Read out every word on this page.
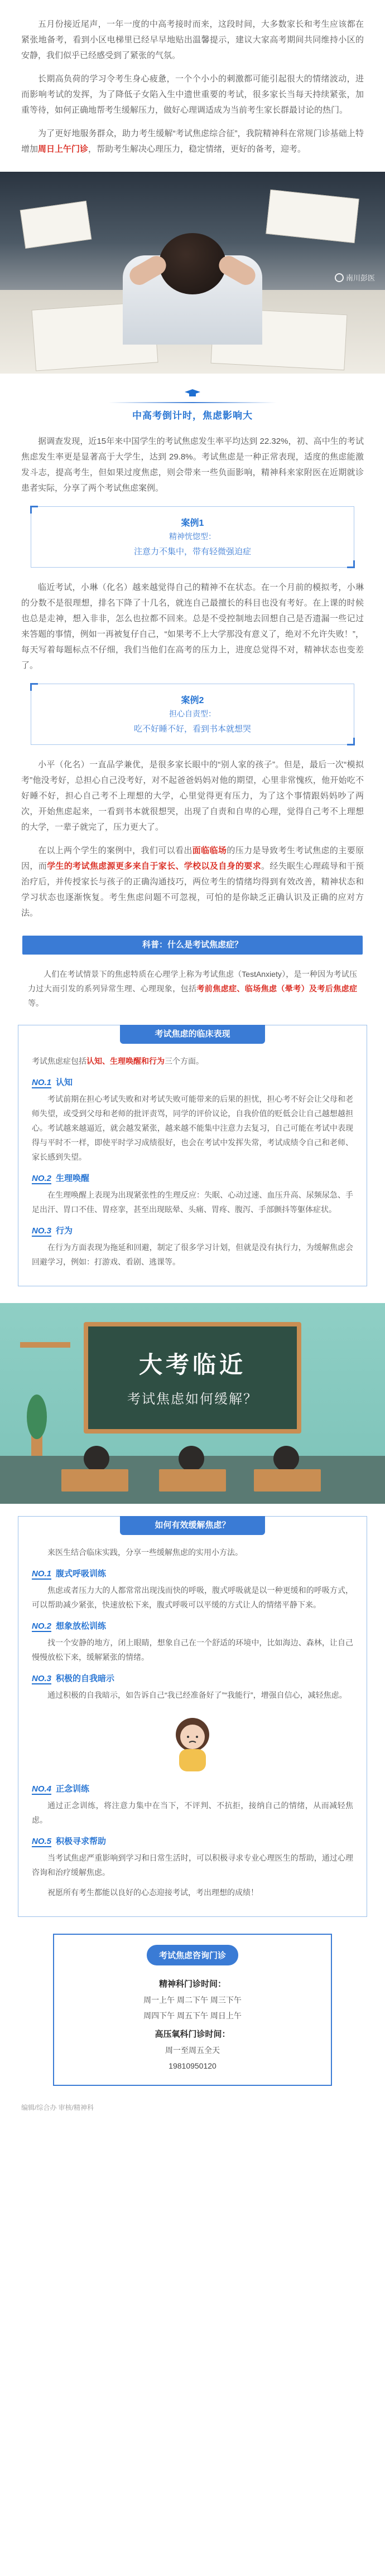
五月份接近尾声，一年一度的中高考接时而来，这段时间，大多数家长和考生应该都在紧张地备考，看到小区电梯里已经早早地贴出温馨提示，建议大家高考期间共同维持小区的安静，我们似乎已经感受到了紧张的气氛。

长期高负荷的学习令考生身心疲惫，一个个小小的刺激都可能引起很大的情绪波动，进而影响考试的发挥，为了降低子女陷入生中遗世重要的考试，很多家长当每天持续紧张，加重等待，如何正确地帮考生缓解压力，做好心理调适成为当前考生家长群最讨论的热门。

为了更好地服务群众，助力考生缓解“考试焦虑综合征”，我院精神科在常规门诊基础上特增加周日上午门诊，帮助考生解决心理压力，稳定情绪，更好的备考，迎考。

南川彭医
中高考倒计时，焦虑影响大

据调查发现，近15年来中国学生的考试焦虑发生率平均达到 22.32%，初、高中生的考试焦虑发生率更是显著高于大学生，达到 29.8%。考试焦虑是一种正常表现，适度的焦虑能激发斗志，提高考生，但如果过度焦虑，则会带来一些负面影响，精神科来家附医在近期就诊患者实际，分享了两个考试焦虑案例。

案例1
精神恍惚型：
注意力不集中，带有轻微强迫症

临近考试，小琳（化名）越来越觉得自己的精神不在状态。在一个月前的模拟考，小琳的分数不是很理想，排名下降了十几名，就连自己最擅长的科目也没有考好。在上课的时候也总是走神，想入非非，怎么也拉都不回来。总是不受控制地去回想自己是否遗漏一些记过来答题的事情，例如一再被复仔自己，“如果考不上大学那没有意义了，绝对不允许失败！”，每天写着每题标点不仔细，我们当他们在高考的压力上，进度总觉得不对，精神状态也变差了。

案例2
担心自责型：
吃不好睡不好，看到书本就想哭

小平（化名）一直品学兼优，是很多家长眼中的“别人家的孩子”。但是，最后一次“模拟考”他没考好，总担心自己没考好，对不起爸爸妈妈对他的期望，心里非常愧疚，他开始吃不好睡不好，担心自己考不上理想的大学，心里觉得更有压力，为了这个事情跟妈妈吵了两次，开始焦虑起来，一看到书本就很想哭，出现了自责和自卑的心理，觉得自己考不上理想的大学，一辈子就完了，压力更大了。

在以上两个学生的案例中，我们可以看出面临临场的压力是导致考生考试焦虑的主要原因，而学生的考试焦虑源更多来自于家长、学校以及自身的要求。经失眠生心理疏导和干预治疗后，并传授家长与孩子的正确沟通技巧，两位考生的情绪均得到有效改善，精神状态和学习状态也逐渐恢复。考生焦虑问题不可忽视，可怕的是你缺乏正确认识及正确的应对方法。

科普：什么是考试焦虑症？

人们在考试情景下的焦虑特质在心理学上称为考试焦虑（TestAnxiety），是一种因为考试压力过大而引发的系列异常生理、心理现象，包括考前焦虑症、临场焦虑（晕考）及考后焦虑症等。

考试焦虑的临床表现

考试焦虑症包括认知、生理唤醒和行为三个方面。

NO.1 认知

考试前期在担心考试失败和对考试失败可能带来的后果的担忧，担心考不好会让父母和老师失望，或受到父母和老师的批评责骂，同学的评价议论，自我价值的贬低会让自己越想越担心。考试越来越逼近，就会越发紧张，越来越不能集中注意力去复习，自己可能在考试中表现得与平时不一样，即使平时学习成绩很好，也会在考试中发挥失常，考试成绩令自己和老师、家长感到失望。

NO.2 生理唤醒

在生理唤醒上表现为出现紧张性的生理反应：失眠、心动过速、血压升高、尿频尿急、手足出汗、胃口不佳、胃痉挛，甚至出现眩晕、头痛、胃疼、腹泻、手部颤抖等躯体症状。

NO.3 行为

在行为方面表现为拖延和回避，制定了很多学习计划，但就是没有执行力，为缓解焦虑会回避学习，例如：打游戏、看剧、逃课等。

大考临近
考试焦虑如何缓解？
如何有效缓解焦虑？

来医生结合临床实践，分享一些缓解焦虑的实用小方法。

NO.1 腹式呼吸训练

焦虑或者压力大的人都常常出现浅而快的呼吸，腹式呼吸就是以一种更缓和的呼吸方式，可以帮助减少紧张，快速放松下来，腹式呼吸可以平缓的方式让人的情绪平静下来。

NO.2 想象放松训练

找一个安静的地方，闭上眼睛，想象自己在一个舒适的环境中，比如海边、森林，让自己慢慢放松下来，缓解紧张的情绪。

NO.3 积极的自我暗示

通过积极的自我暗示，如告诉自己“我已经准备好了”“我能行”，增强自信心，减轻焦虑。

NO.4 正念训练

通过正念训练，将注意力集中在当下，不评判、不抗拒，接纳自己的情绪，从而减轻焦虑。

NO.5 积极寻求帮助

当考试焦虑严重影响到学习和日常生活时，可以积极寻求专业心理医生的帮助，通过心理咨询和治疗缓解焦虑。

祝愿所有考生都能以良好的心态迎接考试，考出理想的成绩！

考试焦虑咨询门诊

精神科门诊时间：

周一上午 周二下午 周三下午

周四下午 周五下午 周日上午

高压氧科门诊时间：

周一至周五全天

19810950120

编辑/综合办 审核/精神科
